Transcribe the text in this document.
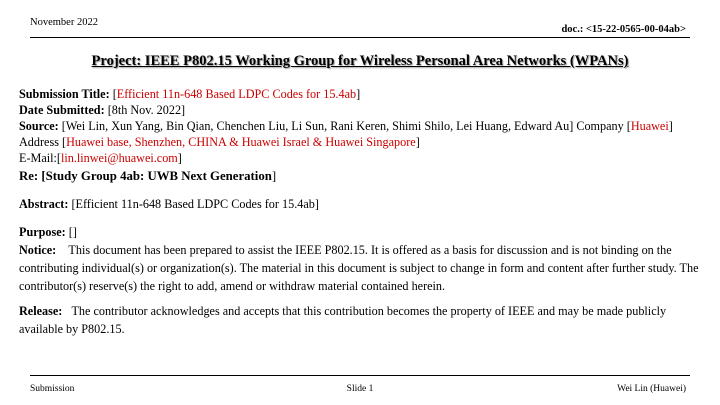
November 2022
doc.: <15-22-0565-00-04ab>
Project: IEEE P802.15 Working Group for Wireless Personal Area Networks (WPANs)
Submission Title: [Efficient 11n-648 Based LDPC Codes for 15.4ab]
Date Submitted: [8th Nov. 2022]
Source: [Wei Lin, Xun Yang, Bin Qian, Chenchen Liu, Li Sun, Rani Keren, Shimi Shilo, Lei Huang, Edward Au] Company [Huawei]
Address [Huawei base, Shenzhen, CHINA & Huawei Israel & Huawei Singapore]
E-Mail:[lin.linwei@huawei.com]
Re: [Study Group 4ab: UWB Next Generation]
Abstract: [Efficient 11n-648 Based LDPC Codes for 15.4ab]
Purpose: []
Notice: This document has been prepared to assist the IEEE P802.15. It is offered as a basis for discussion and is not binding on the contributing individual(s) or organization(s). The material in this document is subject to change in form and content after further study. The contributor(s) reserve(s) the right to add, amend or withdraw material contained herein.
Release: The contributor acknowledges and accepts that this contribution becomes the property of IEEE and may be made publicly available by P802.15.
Submission	Slide 1	Wei Lin (Huawei)
